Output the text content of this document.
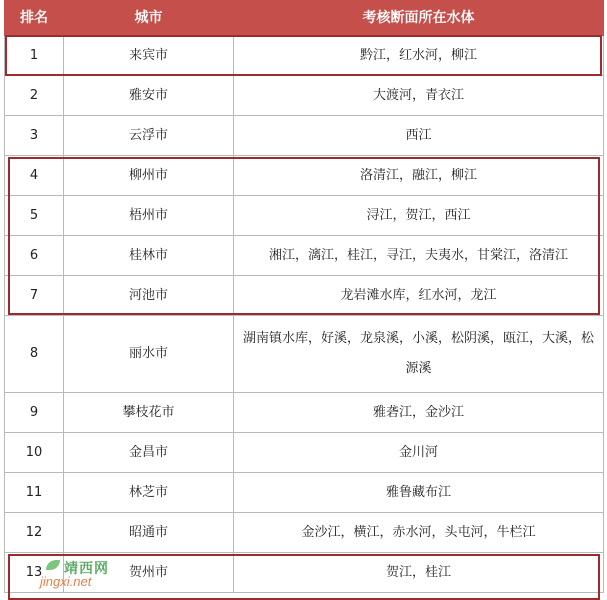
排名	城市	考核断面所在水体
1	来宾市	黔江，红水河，柳江
2	雅安市	大渡河，青衣江
3	云浮市	西江
4	柳州市	洛清江，融江，柳江
5	梧州市	浔江，贺江，西江
6	桂林市	湘江，漓江，桂江，寻江，夫夷水，甘棠江，洛清江
7	河池市	龙岩滩水库，红水河，龙江
8	丽水市	湖南镇水库，好溪，龙泉溪，小溪，松阴溪，瓯江，大溪，松源溪
9	攀枝花市	雅砻江，金沙江
10	金昌市	金川河
11	林芝市	雅鲁藏布江
12	昭通市	金沙江，横江，赤水河，头屯河，牛栏江
13	贺州市	贺江，桂江
靖西网
jingxi.net
